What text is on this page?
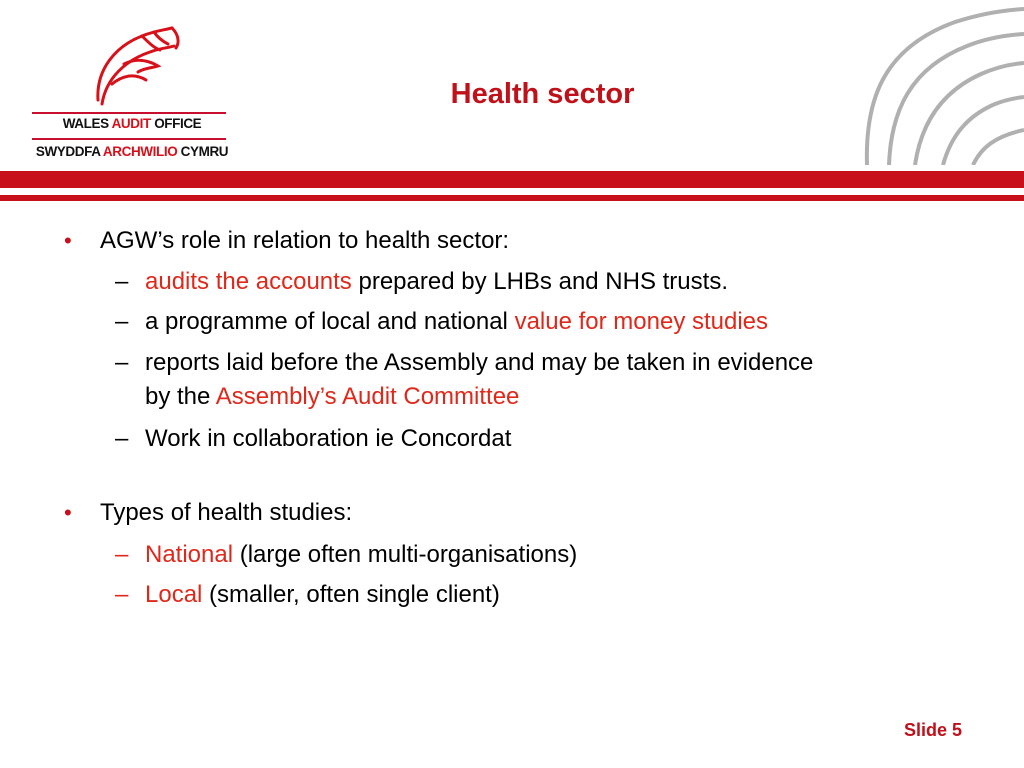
WALES AUDIT OFFICE
SWYDDFA ARCHWILIO CYMRU
Health sector
• AGW’s role in relation to health sector:
– audits the accounts prepared by LHBs and NHS trusts.
– a programme of local and national value for money studies
– reports laid before the Assembly and may be taken in evidence
by the Assembly’s Audit Committee
– Work in collaboration ie Concordat
• Types of health studies:
– National (large often multi-organisations)
– Local (smaller, often single client)
Slide 5
